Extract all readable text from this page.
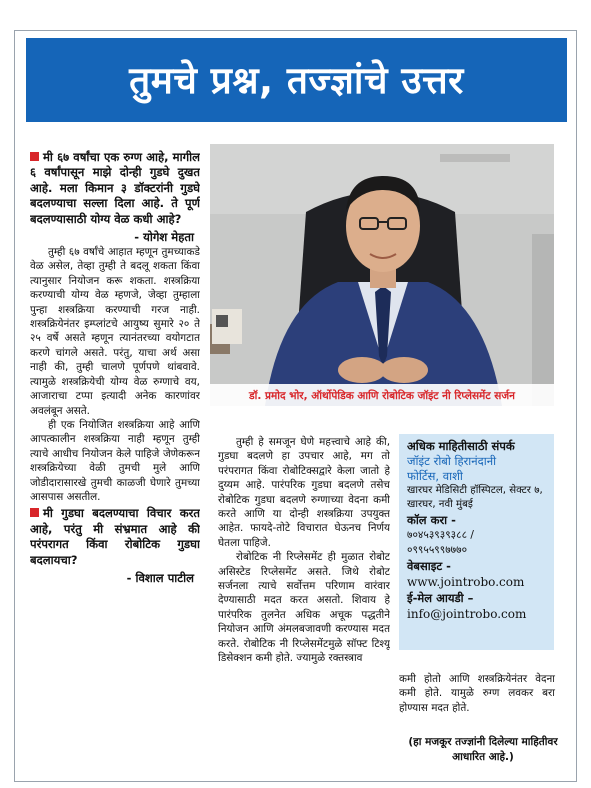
तुमचे प्रश्न, तज्ज्ञांचे उत्तर
मी ६७ वर्षांचा एक रुग्ण आहे, मागील ६ वर्षांपासून माझे दोन्ही गुडघे दुखत आहे. मला किमान ३ डॉक्टरांनी गुडघे बदलण्याचा सल्ला दिला आहे. ते पूर्ण बदलण्यासाठी योग्य वेळ कधी आहे?
- योगेश मेहता

तुम्ही ६७ वर्षांचे आहात म्हणून तुमच्याकडे वेळ असेल, तेव्हा तुम्ही ते बदलू शकता किंवा त्यानुसार नियोजन करू शकता. शस्त्रक्रिया करण्याची योग्य वेळ म्हणजे, जेव्हा तुम्हाला पुन्हा शस्त्रक्रिया करण्याची गरज नाही. शस्त्रक्रियेनंतर इम्प्लांटचे आयुष्य सुमारे २० ते २५ वर्षे असते म्हणून त्यानंतरच्या वयोगटात करणे चांगले असते. परंतु, याचा अर्थ असा नाही की, तुम्ही चालणे पूर्णपणे थांबवावे. त्यामुळे शस्त्रक्रियेची योग्य वेळ रुग्णाचे वय, आजाराचा टप्पा इत्यादी अनेक कारणांवर अवलंबून असते.

ही एक नियोजित शस्त्रक्रिया आहे आणि आपत्कालीन शस्त्रक्रिया नाही म्हणून तुम्ही त्याचे आधीच नियोजन केले पाहिजे जेणेकरून शस्त्रक्रियेच्या वेळी तुमची मुले आणि जोडीदारासारखे तुमची काळजी घेणारे तुमच्या आसपास असतील.

मी गुडघा बदलण्याचा विचार करत आहे, परंतु मी संभ्रमात आहे की परंपरागत किंवा रोबोटिक गुडघा बदलायचा?
- विशाल पाटील
डॉ. प्रमोद भोर, ऑर्थोपेडिक आणि रोबोटिक जॉइंट नी रिप्लेसमेंट सर्जन

तुम्ही हे समजून घेणे महत्त्वाचे आहे की, गुडघा बदलणे हा उपचार आहे, मग तो परंपरागत किंवा रोबोटिक्सद्वारे केला जातो हे दुय्यम आहे. पारंपरिक गुडघा बदलणे तसेच रोबोटिक गुडघा बदलणे रुग्णाच्या वेदना कमी करते आणि या दोन्ही शस्त्रक्रिया उपयुक्त आहेत. फायदे-तोटे विचारात घेऊनच निर्णय घेतला पाहिजे.

रोबोटिक नी रिप्लेसमेंट ही मुळात रोबोट असिस्टेड रिप्लेसमेंट असते. जिथे रोबोट सर्जनला त्याचे सर्वोत्तम परिणाम वारंवार देण्यासाठी मदत करत असतो. शिवाय हे पारंपरिक तुलनेत अधिक अचूक पद्धतीने नियोजन आणि अंमलबजावणी करण्यास मदत करते. रोबोटिक नी रिप्लेसमेंटमुळे सॉफ्ट टिश्यू डिसेक्शन कमी होते. ज्यामुळे रक्तस्त्राव

अधिक माहितीसाठी संपर्क
जॉइंट रोबो हिरानंदानी
फोर्टिस, वाशी
खारघर मेडिसिटी हॉस्पिटल, सेक्टर ७, खारघर, नवी मुंबई
कॉल करा -
७०४५३९३९३८८ /
०९९५५९९७७७०
वेबसाइट -
www.jointrobo.com
ई-मेल आयडी –
info@jointrobo.com

कमी होतो आणि शस्त्रक्रियेनंतर वेदना कमी होते. यामुळे रुग्ण लवकर बरा होण्यास मदत होते.

(हा मजकूर तज्ज्ञांनी दिलेल्या माहितीवर आधारित आहे.)
